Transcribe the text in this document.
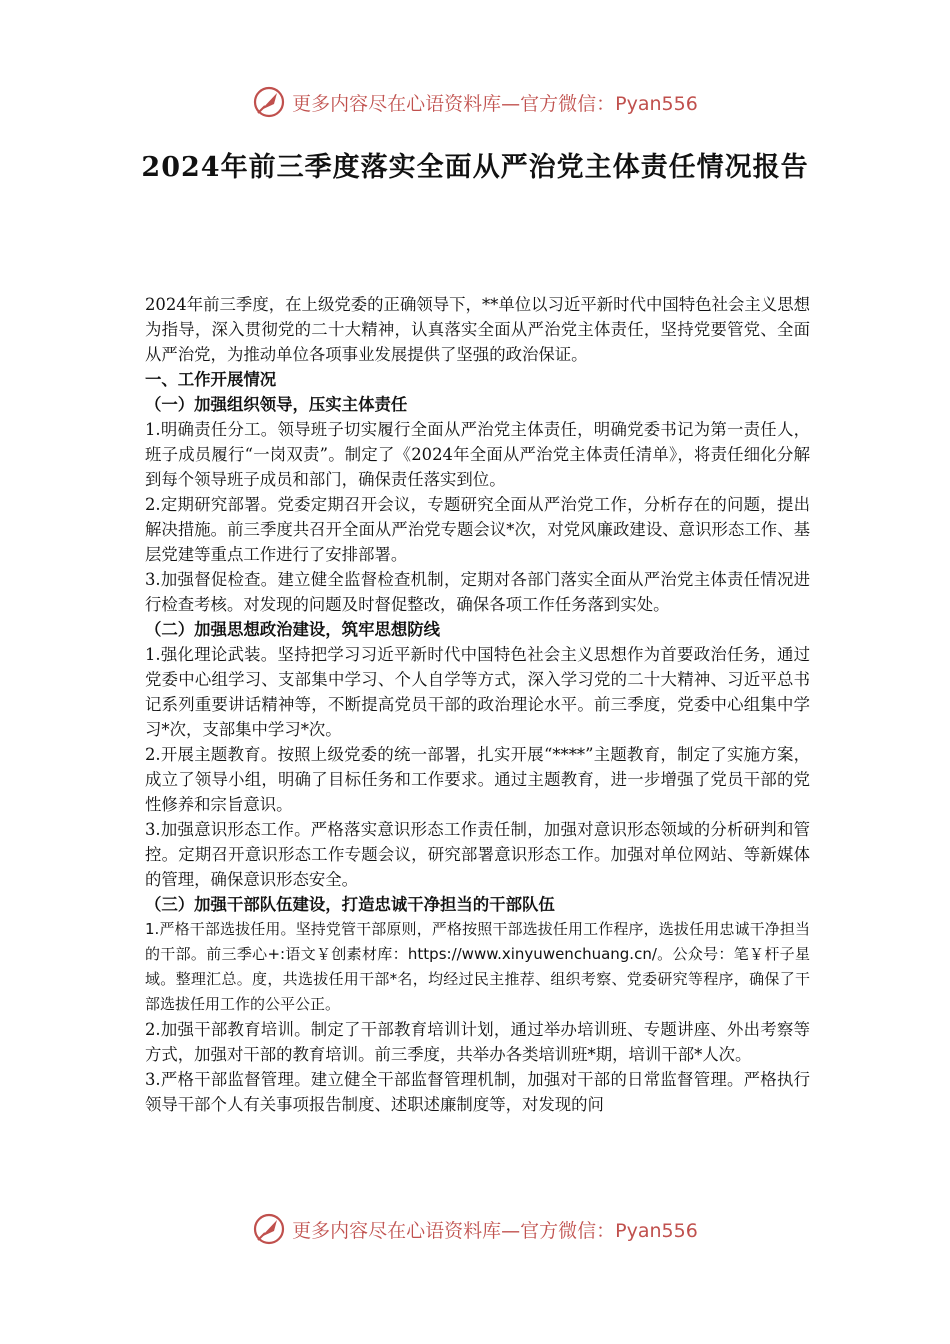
更多内容尽在心语资料库—官方微信：Pyan556
2024年前三季度落实全面从严治党主体责任情况报告

2024年前三季度，在上级党委的正确领导下，**单位以习近平新时代中国特色社会主义思想为指导，深入贯彻党的二十大精神，认真落实全面从严治党主体责任，坚持党要管党、全面从严治党，为推动单位各项事业发展提供了坚强的政治保证。

一、工作开展情况

（一）加强组织领导，压实主体责任

1.明确责任分工。领导班子切实履行全面从严治党主体责任，明确党委书记为第一责任人，班子成员履行“一岗双责”。制定了《2024年全面从严治党主体责任清单》，将责任细化分解到每个领导班子成员和部门，确保责任落实到位。

2.定期研究部署。党委定期召开会议，专题研究全面从严治党工作，分析存在的问题，提出解决措施。前三季度共召开全面从严治党专题会议*次，对党风廉政建设、意识形态工作、基层党建等重点工作进行了安排部署。

3.加强督促检查。建立健全监督检查机制，定期对各部门落实全面从严治党主体责任情况进行检查考核。对发现的问题及时督促整改，确保各项工作任务落到实处。

（二）加强思想政治建设，筑牢思想防线

1.强化理论武装。坚持把学习习近平新时代中国特色社会主义思想作为首要政治任务，通过党委中心组学习、支部集中学习、个人自学等方式，深入学习党的二十大精神、习近平总书记系列重要讲话精神等，不断提高党员干部的政治理论水平。前三季度，党委中心组集中学习*次，支部集中学习*次。

2.开展主题教育。按照上级党委的统一部署，扎实开展“****”主题教育，制定了实施方案，成立了领导小组，明确了目标任务和工作要求。通过主题教育，进一步增强了党员干部的党性修养和宗旨意识。

3.加强意识形态工作。严格落实意识形态工作责任制，加强对意识形态领域的分析研判和管控。定期召开意识形态工作专题会议，研究部署意识形态工作。加强对单位网站、等新媒体的管理，确保意识形态安全。

（三）加强干部队伍建设，打造忠诚干净担当的干部队伍

1.严格干部选拔任用。坚持党管干部原则，严格按照干部选拔任用工作程序，选拔任用忠诚干净担当的干部。前三季心+:语文￥创素材库：https://www.xinyuwenchuang.cn/。公众号：笔￥杆子星域。整理汇总。度，共选拔任用干部*名，均经过民主推荐、组织考察、党委研究等程序，确保了干部选拔任用工作的公平公正。

2.加强干部教育培训。制定了干部教育培训计划，通过举办培训班、专题讲座、外出考察等方式，加强对干部的教育培训。前三季度，共举办各类培训班*期，培训干部*人次。

3.严格干部监督管理。建立健全干部监督管理机制，加强对干部的日常监督管理。严格执行领导干部个人有关事项报告制度、述职述廉制度等，对发现的问

更多内容尽在心语资料库—官方微信：Pyan556
